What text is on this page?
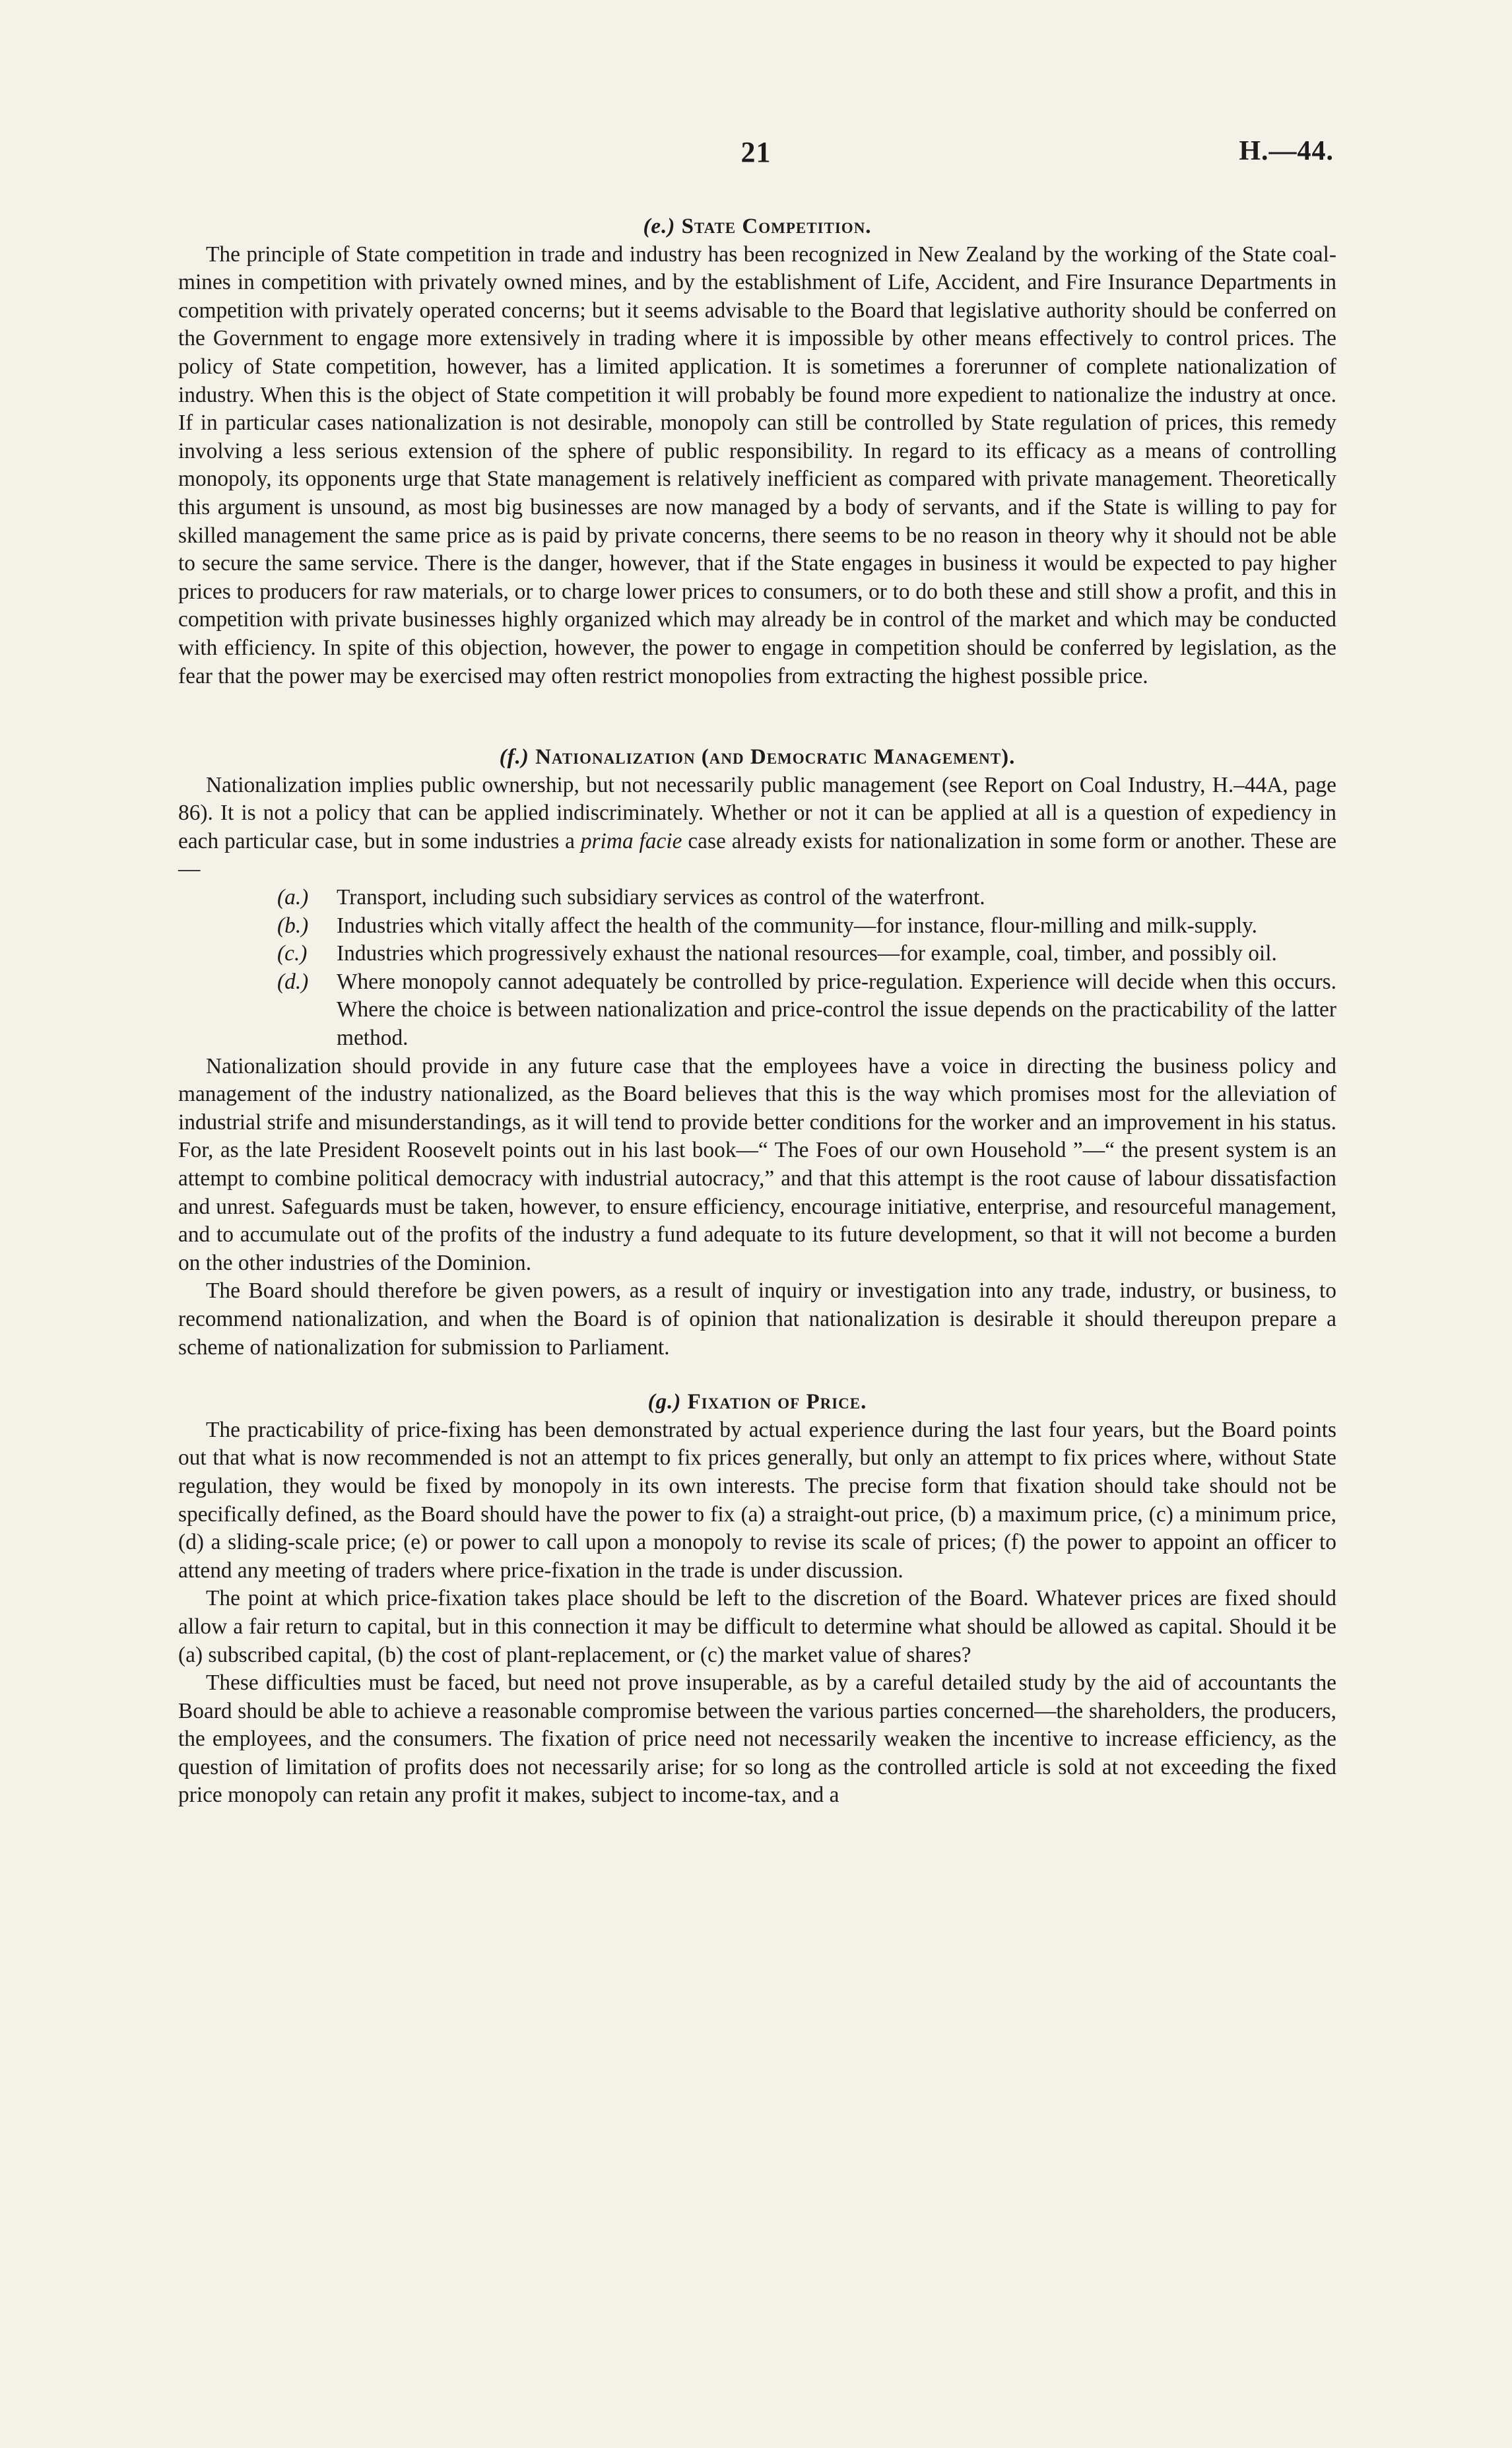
21	H.—44.
(e.) State Competition.

The principle of State competition in trade and industry has been recognized in New Zealand by the working of the State coal-mines in competition with privately owned mines, and by the establishment of Life, Accident, and Fire Insurance Departments in competition with privately operated concerns; but it seems advisable to the Board that legislative authority should be conferred on the Government to engage more extensively in trading where it is impossible by other means effectively to control prices. The policy of State competition, however, has a limited application. It is sometimes a forerunner of complete nationalization of industry. When this is the object of State competition it will probably be found more expedient to nationalize the industry at once. If in particular cases nationalization is not desirable, monopoly can still be controlled by State regulation of prices, this remedy involving a less serious extension of the sphere of public responsibility. In regard to its efficacy as a means of controlling monopoly, its opponents urge that State management is relatively inefficient as compared with private management. Theoretically this argument is unsound, as most big businesses are now managed by a body of servants, and if the State is willing to pay for skilled management the same price as is paid by private concerns, there seems to be no reason in theory why it should not be able to secure the same service. There is the danger, however, that if the State engages in business it would be expected to pay higher prices to producers for raw materials, or to charge lower prices to consumers, or to do both these and still show a profit, and this in competition with private businesses highly organized which may already be in control of the market and which may be conducted with efficiency. In spite of this objection, however, the power to engage in competition should be conferred by legislation, as the fear that the power may be exercised may often restrict monopolies from extracting the highest possible price.

(f.) Nationalization (and Democratic Management).

Nationalization implies public ownership, but not necessarily public management (see Report on Coal Industry, H.–44A, page 86). It is not a policy that can be applied indiscriminately. Whether or not it can be applied at all is a question of expediency in each particular case, but in some industries a prima facie case already exists for nationalization in some form or another. These are—

(a.) Transport, including such subsidiary services as control of the waterfront.
(b.) Industries which vitally affect the health of the community—for instance, flour-milling and milk-supply.
(c.) Industries which progressively exhaust the national resources—for example, coal, timber, and possibly oil.
(d.) Where monopoly cannot adequately be controlled by price-regulation. Experience will decide when this occurs. Where the choice is between nationalization and price-control the issue depends on the practicability of the latter method.

Nationalization should provide in any future case that the employees have a voice in directing the business policy and management of the industry nationalized, as the Board believes that this is the way which promises most for the alleviation of industrial strife and misunderstandings, as it will tend to provide better conditions for the worker and an improvement in his status. For, as the late President Roosevelt points out in his last book—“ The Foes of our own Household ”—“ the present system is an attempt to combine political democracy with industrial autocracy,” and that this attempt is the root cause of labour dissatisfaction and unrest. Safeguards must be taken, however, to ensure efficiency, encourage initiative, enterprise, and resourceful management, and to accumulate out of the profits of the industry a fund adequate to its future development, so that it will not become a burden on the other industries of the Dominion.

The Board should therefore be given powers, as a result of inquiry or investigation into any trade, industry, or business, to recommend nationalization, and when the Board is of opinion that nationalization is desirable it should thereupon prepare a scheme of nationalization for submission to Parliament.

(g.) Fixation of Price.

The practicability of price-fixing has been demonstrated by actual experience during the last four years, but the Board points out that what is now recommended is not an attempt to fix prices generally, but only an attempt to fix prices where, without State regulation, they would be fixed by monopoly in its own interests. The precise form that fixation should take should not be specifically defined, as the Board should have the power to fix (a) a straight-out price, (b) a maximum price, (c) a minimum price, (d) a sliding-scale price; (e) or power to call upon a monopoly to revise its scale of prices; (f) the power to appoint an officer to attend any meeting of traders where price-fixation in the trade is under discussion.

The point at which price-fixation takes place should be left to the discretion of the Board. Whatever prices are fixed should allow a fair return to capital, but in this connection it may be difficult to determine what should be allowed as capital. Should it be (a) subscribed capital, (b) the cost of plant-replacement, or (c) the market value of shares?

These difficulties must be faced, but need not prove insuperable, as by a careful detailed study by the aid of accountants the Board should be able to achieve a reasonable compromise between the various parties concerned—the shareholders, the producers, the employees, and the consumers. The fixation of price need not necessarily weaken the incentive to increase efficiency, as the question of limitation of profits does not necessarily arise; for so long as the controlled article is sold at not exceeding the fixed price monopoly can retain any profit it makes, subject to income-tax, and a
